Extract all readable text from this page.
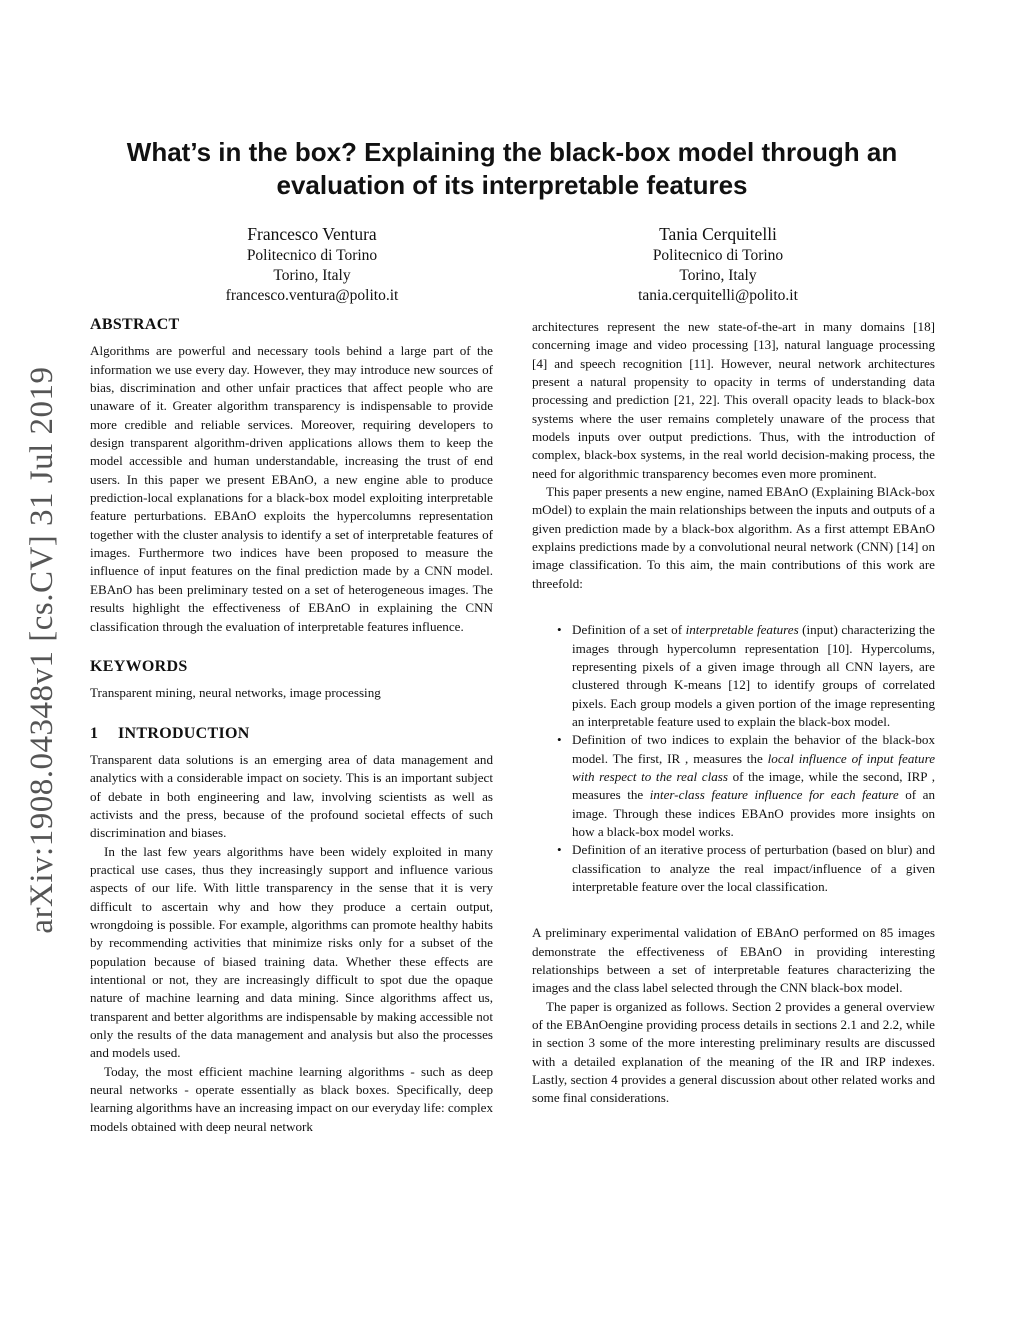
arXiv:1908.04348v1 [cs.CV] 31 Jul 2019
What’s in the box? Explaining the black-box model through an evaluation of its interpretable features
Francesco Ventura
Politecnico di Torino
Torino, Italy
francesco.ventura@polito.it
Tania Cerquitelli
Politecnico di Torino
Torino, Italy
tania.cerquitelli@polito.it
ABSTRACT

Algorithms are powerful and necessary tools behind a large part of the information we use every day. However, they may introduce new sources of bias, discrimination and other unfair practices that affect people who are unaware of it. Greater algorithm transparency is indispensable to provide more credible and reliable services. Moreover, requiring developers to design transparent algorithm-driven applications allows them to keep the model accessible and human understandable, increasing the trust of end users. In this paper we present EBAnO, a new engine able to produce prediction-local explanations for a black-box model exploiting interpretable feature perturbations. EBAnO exploits the hypercolumns representation together with the cluster analysis to identify a set of interpretable features of images. Furthermore two indices have been proposed to measure the influence of input features on the final prediction made by a CNN model. EBAnO has been preliminary tested on a set of heterogeneous images. The results highlight the effectiveness of EBAnO in explaining the CNN classification through the evaluation of interpretable features influence.

KEYWORDS

Transparent mining, neural networks, image processing

1 INTRODUCTION

Transparent data solutions is an emerging area of data management and analytics with a considerable impact on society. This is an important subject of debate in both engineering and law, involving scientists as well as activists and the press, because of the profound societal effects of such discrimination and biases.

In the last few years algorithms have been widely exploited in many practical use cases, thus they increasingly support and influence various aspects of our life. With little transparency in the sense that it is very difficult to ascertain why and how they produce a certain output, wrongdoing is possible. For example, algorithms can promote healthy habits by recommending activities that minimize risks only for a subset of the population because of biased training data. Whether these effects are intentional or not, they are increasingly difficult to spot due the opaque nature of machine learning and data mining. Since algorithms affect us, transparent and better algorithms are indispensable by making accessible not only the results of the data management and analysis but also the processes and models used.

Today, the most efficient machine learning algorithms - such as deep neural networks - operate essentially as black boxes. Specifically, deep learning algorithms have an increasing impact on our everyday life: complex models obtained with deep neural network

architectures represent the new state-of-the-art in many domains [18] concerning image and video processing [13], natural language processing [4] and speech recognition [11]. However, neural network architectures present a natural propensity to opacity in terms of understanding data processing and prediction [21, 22]. This overall opacity leads to black-box systems where the user remains completely unaware of the process that models inputs over output predictions. Thus, with the introduction of complex, black-box systems, in the real world decision-making process, the need for algorithmic transparency becomes even more prominent.

This paper presents a new engine, named EBAnO (Explaining BlAck-box mOdel) to explain the main relationships between the inputs and outputs of a given prediction made by a black-box algorithm. As a first attempt EBAnO explains predictions made by a convolutional neural network (CNN) [14] on image classification. To this aim, the main contributions of this work are threefold:

• Definition of a set of interpretable features (input) characterizing the images through hypercolumn representation [10]. Hypercolums, representing pixels of a given image through all CNN layers, are clustered through K-means [12] to identify groups of correlated pixels. Each group models a given portion of the image representing an interpretable feature used to explain the black-box model.
• Definition of two indices to explain the behavior of the black-box model. The first, IR , measures the local influence of input feature with respect to the real class of the image, while the second, IRP , measures the inter-class feature influence for each feature of an image. Through these indices EBAnO provides more insights on how a black-box model works.
• Definition of an iterative process of perturbation (based on blur) and classification to analyze the real impact/influence of a given interpretable feature over the local classification.

A preliminary experimental validation of EBAnO performed on 85 images demonstrate the effectiveness of EBAnO in providing interesting relationships between a set of interpretable features characterizing the images and the class label selected through the CNN black-box model.

The paper is organized as follows. Section 2 provides a general overview of the EBAnOengine providing process details in sections 2.1 and 2.2, while in section 3 some of the more interesting preliminary results are discussed with a detailed explanation of the meaning of the IR and IRP indexes. Lastly, section 4 provides a general discussion about other related works and some final considerations.
